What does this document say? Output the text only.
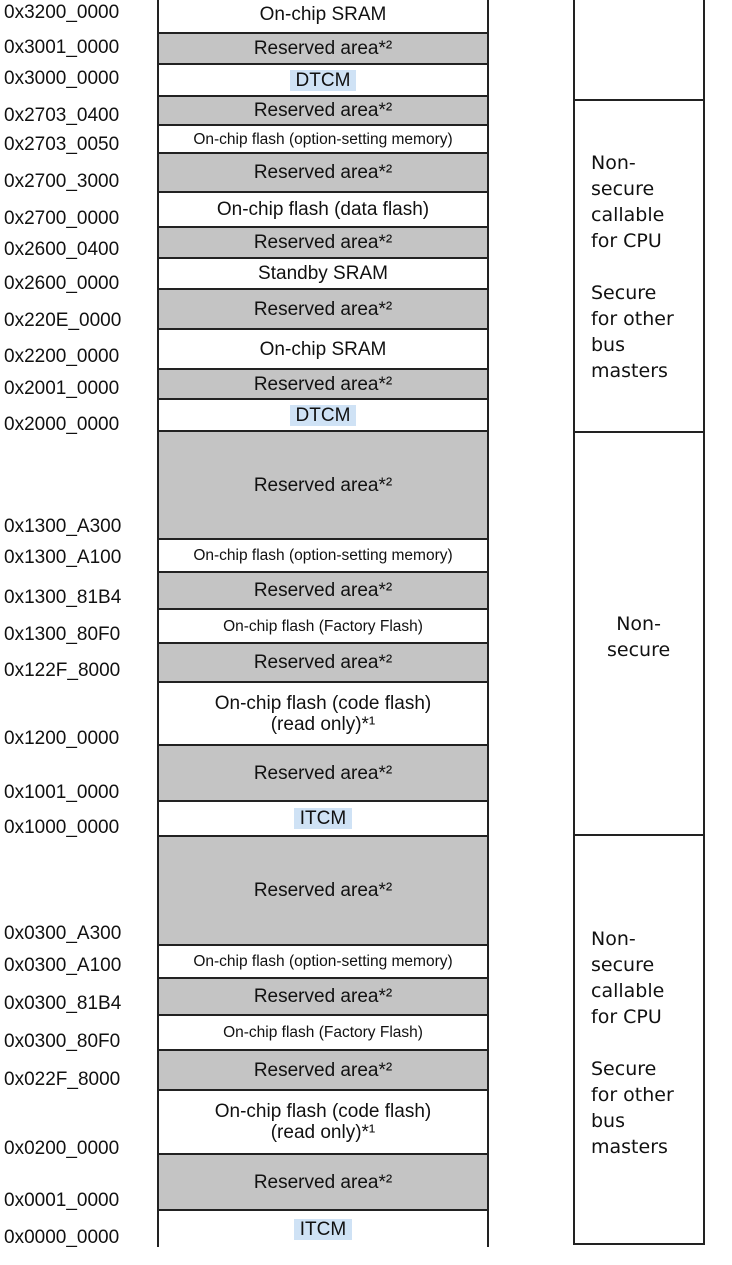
0x3200_0000
0x3001_0000
0x3000_0000
0x2703_0400
0x2703_0050
0x2700_3000
0x2700_0000
0x2600_0400
0x2600_0000
0x220E_0000
0x2200_0000
0x2001_0000
0x2000_0000
0x1300_A300
0x1300_A100
0x1300_81B4
0x1300_80F0
0x122F_8000
0x1200_0000
0x1001_0000
0x1000_0000
0x0300_A300
0x0300_A100
0x0300_81B4
0x0300_80F0
0x022F_8000
0x0200_0000
0x0001_0000
0x0000_0000
On-chip SRAM
Reserved area*²
DTCM
Reserved area*²
On-chip flash (option-setting memory)
Reserved area*²
On-chip flash (data flash)
Reserved area*²
Standby SRAM
Reserved area*²
On-chip SRAM
Reserved area*²
DTCM
Reserved area*²
On-chip flash (option-setting memory)
Reserved area*²
On-chip flash (Factory Flash)
Reserved area*²
On-chip flash (code flash)
(read only)*¹
Reserved area*²
ITCM
Reserved area*²
On-chip flash (option-setting memory)
Reserved area*²
On-chip flash (Factory Flash)
Reserved area*²
On-chip flash (code flash)
(read only)*¹
Reserved area*²
ITCM
Non-
secure
callable
for CPU

Secure
for other
bus
masters
Non-
secure
Non-
secure
callable
for CPU

Secure
for other
bus
masters
